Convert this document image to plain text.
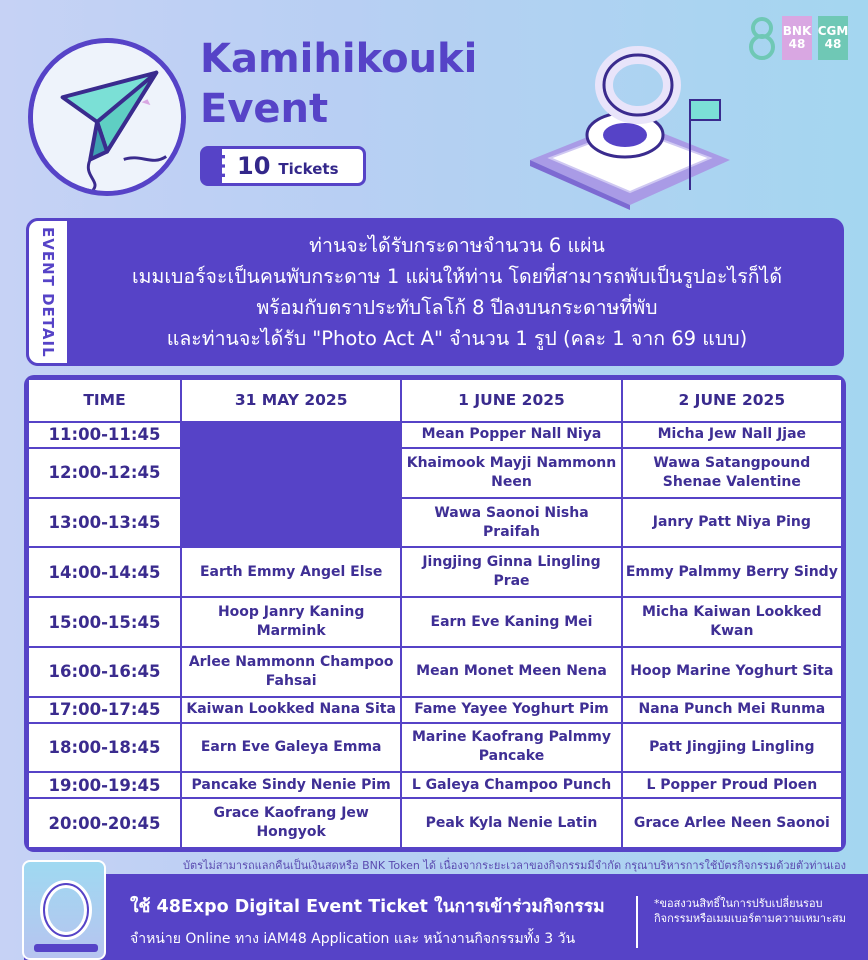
Kamihikouki
Event
10 Tickets
BNK 48
CGM 48
EVENT DETAIL	ท่านจะได้รับกระดาษจำนวน 6 แผ่น
เมมเบอร์จะเป็นคนพับกระดาษ 1 แผ่นให้ท่าน โดยที่สามารถพับเป็นรูปอะไรก็ได้
พร้อมกับตราประทับโลโก้ 8 ปีลงบนกระดาษที่พับ
และท่านจะได้รับ "Photo Act A" จำนวน 1 รูป (คละ 1 จาก 69 แบบ)
TIME	31 MAY 2025	1 JUNE 2025	2 JUNE 2025
11:00-11:45		Mean Popper Nall Niya	Micha Jew Nall Jjae
12:00-12:45		Khaimook Mayji Nammonn Neen	Wawa Satangpound Shenae Valentine
13:00-13:45		Wawa Saonoi Nisha Praifah	Janry Patt Niya Ping
14:00-14:45	Earth Emmy Angel Else	Jingjing Ginna Lingling Prae	Emmy Palmmy Berry Sindy
15:00-15:45	Hoop Janry Kaning Marmink	Earn Eve Kaning Mei	Micha Kaiwan Lookked Kwan
16:00-16:45	Arlee Nammonn Champoo Fahsai	Mean Monet Meen Nena	Hoop Marine Yoghurt Sita
17:00-17:45	Kaiwan Lookked Nana Sita	Fame Yayee Yoghurt Pim	Nana Punch Mei Runma
18:00-18:45	Earn Eve Galeya Emma	Marine Kaofrang Palmmy Pancake	Patt Jingjing Lingling
19:00-19:45	Pancake Sindy Nenie Pim	L Galeya Champoo Punch	L Popper Proud Ploen
20:00-20:45	Grace Kaofrang Jew Hongyok	Peak Kyla Nenie Latin	Grace Arlee Neen Saonoi
บัตรไม่สามารถแลกคืนเป็นเงินสดหรือ BNK Token ได้ เนื่องจากระยะเวลาของกิจกรรมมีจำกัด กรุณาบริหารการใช้บัตรกิจกรรมด้วยตัวท่านเอง
ใช้ 48Expo Digital Event Ticket ในการเข้าร่วมกิจกรรม
จำหน่าย Online ทาง iAM48 Application และ หน้างานกิจกรรมทั้ง 3 วัน
*ขอสงวนสิทธิ์ในการปรับเปลี่ยนรอบกิจกรรมหรือเมมเบอร์ตามความเหมาะสม
